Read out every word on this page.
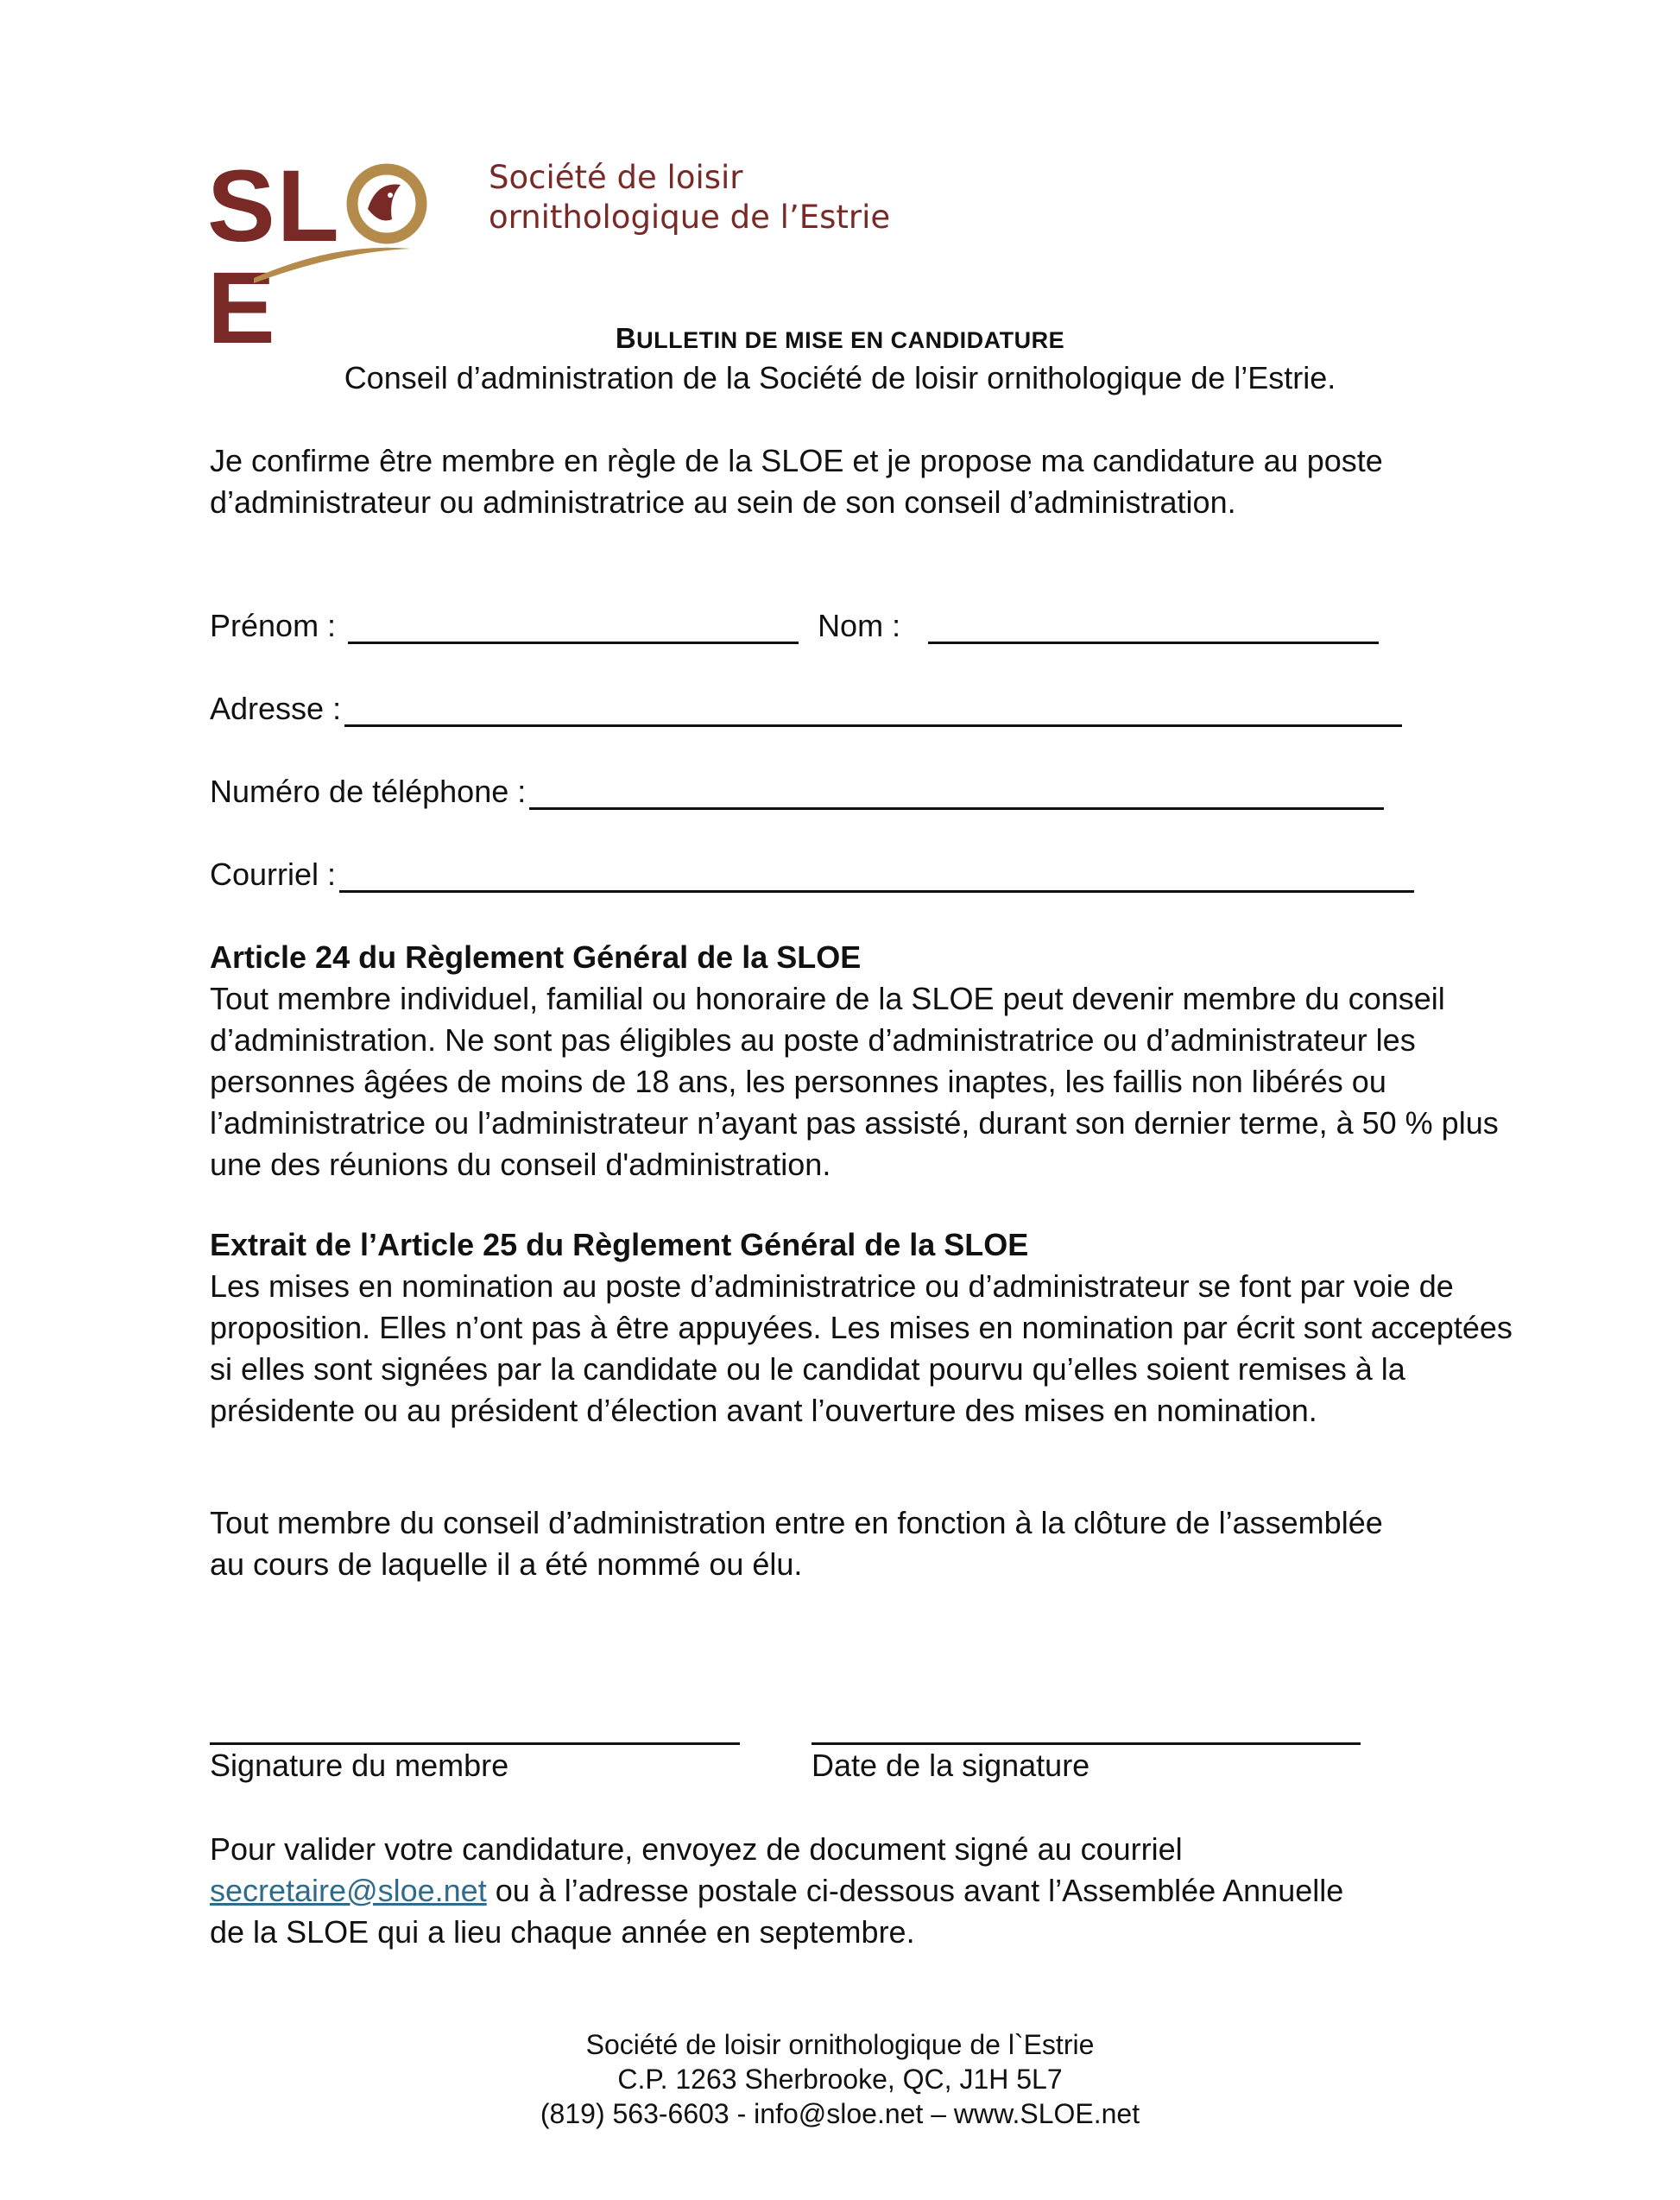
SLE
Société de loisir
ornithologique de l’Estrie
BULLETIN DE MISE EN CANDIDATURE
Conseil d’administration de la Société de loisir ornithologique de l’Estrie.
Je confirme être membre en règle de la SLOE et je propose ma candidature au poste d’administrateur ou administratrice au sein de son conseil d’administration.
Prénom :	Nom :
Adresse :
Numéro de téléphone :
Courriel :
Article 24 du Règlement Général de la SLOE
Tout membre individuel, familial ou honoraire de la SLOE peut devenir membre du conseil d’administration. Ne sont pas éligibles au poste d’administratrice ou d’administrateur les personnes âgées de moins de 18 ans, les personnes inaptes, les faillis non libérés ou l’administratrice ou l’administrateur n’ayant pas assisté, durant son dernier terme, à 50 % plus une des réunions du conseil d'administration.
Extrait de l’Article 25 du Règlement Général de la SLOE
Les mises en nomination au poste d’administratrice ou d’administrateur se font par voie de proposition. Elles n’ont pas à être appuyées. Les mises en nomination par écrit sont acceptées si elles sont signées par la candidate ou le candidat pourvu qu’elles soient remises à la présidente ou au président d’élection avant l’ouverture des mises en nomination.
Tout membre du conseil d’administration entre en fonction à la clôture de l’assemblée au cours de laquelle il a été nommé ou élu.
Signature du membre	Date de la signature
Pour valider votre candidature, envoyez de document signé au courriel
secretaire@sloe.net ou à l’adresse postale ci-dessous avant l’Assemblée Annuelle
de la SLOE qui a lieu chaque année en septembre.
Société de loisir ornithologique de l`Estrie
C.P. 1263 Sherbrooke, QC, J1H 5L7
(819) 563-6603 - info@sloe.net – www.SLOE.net
